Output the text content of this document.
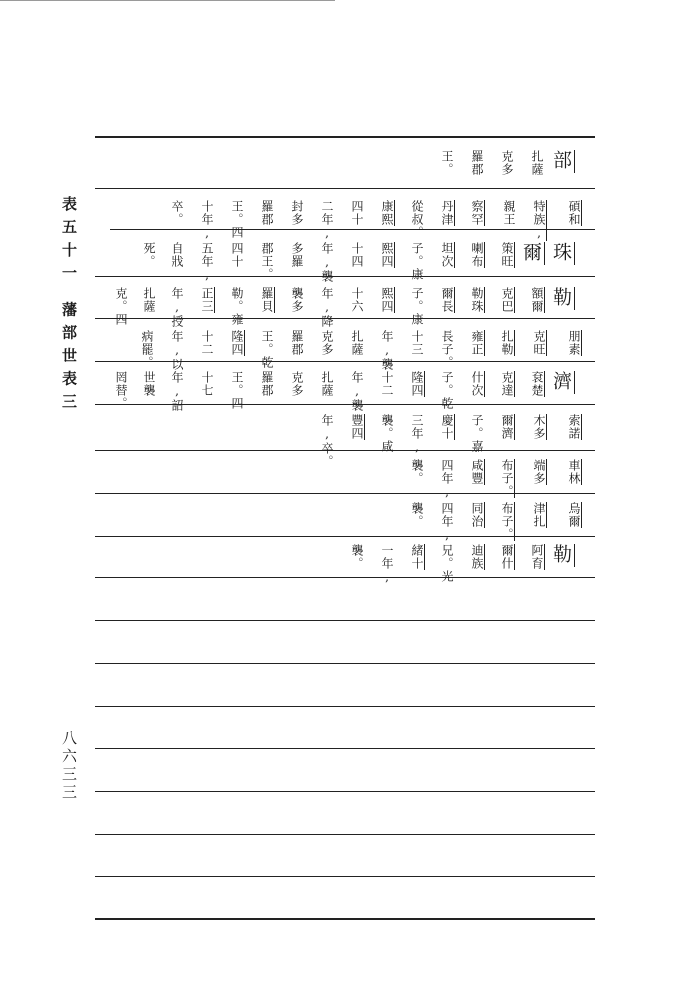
表五十一 藩部世表三
八六三三
部
扎薩
克多
羅郡
王。
碩和
特族,
親王
察罕
丹津
從叔。
康熙
四十
二年,
封多
羅郡
王。四
十年,
卒。
珠
爾
策旺
喇布
坦次
子。康
熙四
十四
年,襲
多羅
郡王。
四十
五年,
自戕
死。
勒
額爾
克巴
勒珠
爾長
子。康
熙四
十六
年,降
襲多
羅貝
勒。雍
正三
年,授
扎薩
克。四
朋素
克旺
扎勒
雍正
長子。
十三
年,襲
扎薩
克多
羅郡
王。乾
隆四
十二
年,以
病罷。
濟
袞楚
克達
什次
子。乾
隆四
十二
年,襲
扎薩
克多
羅郡
王。四
十七
年,詔
世襲
罔替。
索諾
木多
爾濟
子。嘉
慶十
三年,
襲。咸
豐四
年,卒。
車林
端多
布子。
咸豐
四年,
襲。
烏爾
津扎
布子。
同治
四年,
襲。
勒
阿育
爾什
迪族
兄。光
緒十
一年,
襲。
